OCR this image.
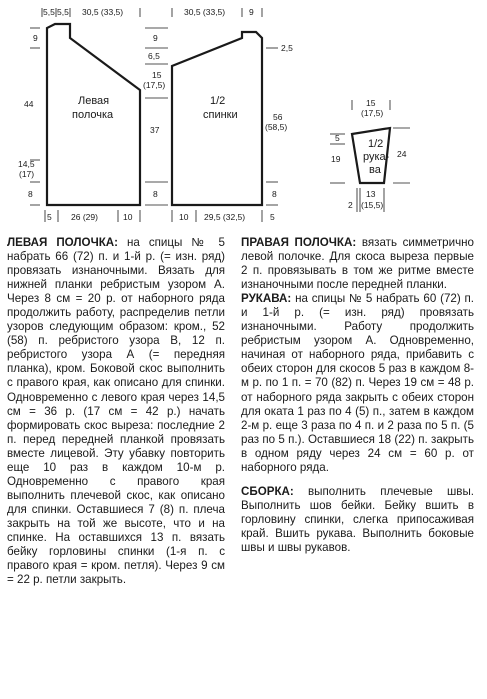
5,5 5,5 30,5 (33,5)
9
44
14,5
(17)
8
5 26 (29)	10
Левая
полочка
9
6,5
15
(17,5)
37
8
30,5 (33,5)	9
2,5
56
(58,5)
8
10 29,5 (32,5)	5
1/2
спинки
15
(17,5)
5
19	24
13
(15,5)
2
1/2
рука-
ва

ЛЕВАЯ ПОЛОЧКА: на спицы № 5 набрать 66 (72) п. и 1-й р. (= изн. ряд) провязать изнаночными. Вязать для нижней планки ребристым узором А. Через 8 см = 20 р. от наборного ряда продолжить работу, распределив петли узоров следующим образом: кром., 52 (58) п. ребристого узора В, 12 п. ребристого узора А (= передняя планка), кром. Боковой скос выполнить с правого края, как описано для спинки. Одновременно с левого края через 14,5 см = 36 р. (17 см = 42 р.) начать формировать скос выреза: последние 2 п. перед передней планкой провязать вместе лицевой. Эту убавку повторить еще 10 раз в каждом 10-м р. Одновременно с правого края выполнить плечевой скос, как описано для спинки. Оставшиеся 7 (8) п. плеча закрыть на той же высоте, что и на спинке. На оставшихся 13 п. вязать бейку горловины спинки (1-я п. с правого края = кром. петля). Через 9 см = 22 р. петли закрыть.

ПРАВАЯ ПОЛОЧКА: вязать симметрично левой полочке. Для скоса выреза первые 2 п. провязывать в том же ритме вместе изнаночными после передней планки.

РУКАВА: на спицы № 5 набрать 60 (72) п. и 1-й р. (= изн. ряд) провязать изнаночными. Работу продолжить ребристым узором А. Одновременно, начиная от наборного ряда, прибавить с обеих сторон для скосов 5 раз в каждом 8-м р. по 1 п. = 70 (82) п. Через 19 см = 48 р. от наборного ряда закрыть с обеих сторон для оката 1 раз по 4 (5) п., затем в каждом 2-м р. еще 3 раза по 4 п. и 2 раза по 5 п. (5 раз по 5 п.). Оставшиеся 18 (22) п. закрыть в одном ряду через 24 см = 60 р. от наборного ряда.

СБОРКА: выполнить плечевые швы. Выполнить шов бейки. Бейку вшить в горловину спинки, слегка припосаживая край. Вшить рукава. Выполнить боковые швы и швы рукавов.
